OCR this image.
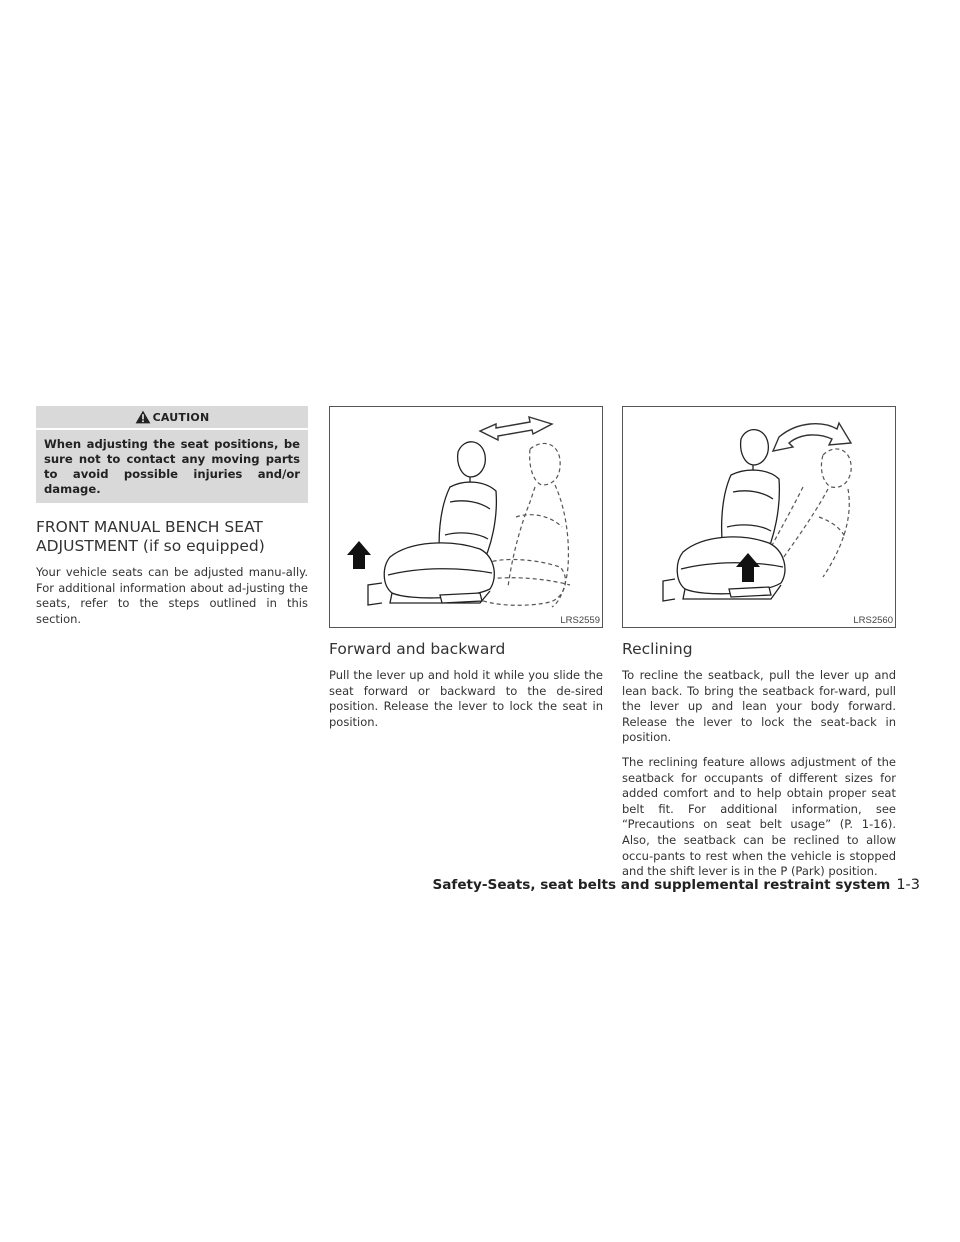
CAUTION
When adjusting the seat positions, be sure not to contact any moving parts to avoid possible injuries and/or damage.
FRONT MANUAL BENCH SEAT ADJUSTMENT (if so equipped)

Your vehicle seats can be adjusted manu-ally. For additional information about ad-justing the seats, refer to the steps outlined in this section.	LRS2559
Forward and backward

Pull the lever up and hold it while you slide the seat forward or backward to the de-sired position. Release the lever to lock the seat in position.

LRS2560
Reclining

To recline the seatback, pull the lever up and lean back. To bring the seatback for-ward, pull the lever up and lean your body forward. Release the lever to lock the seat-back in position.

The reclining feature allows adjustment of the seatback for occupants of different sizes for added comfort and to help obtain proper seat belt fit. For additional information, see “Precautions on seat belt usage” (P. 1-16). Also, the seatback can be reclined to allow occu-pants to rest when the vehicle is stopped and the shift lever is in the P (Park) position.

Safety-Seats, seat belts and supplemental restraint system 1-3
